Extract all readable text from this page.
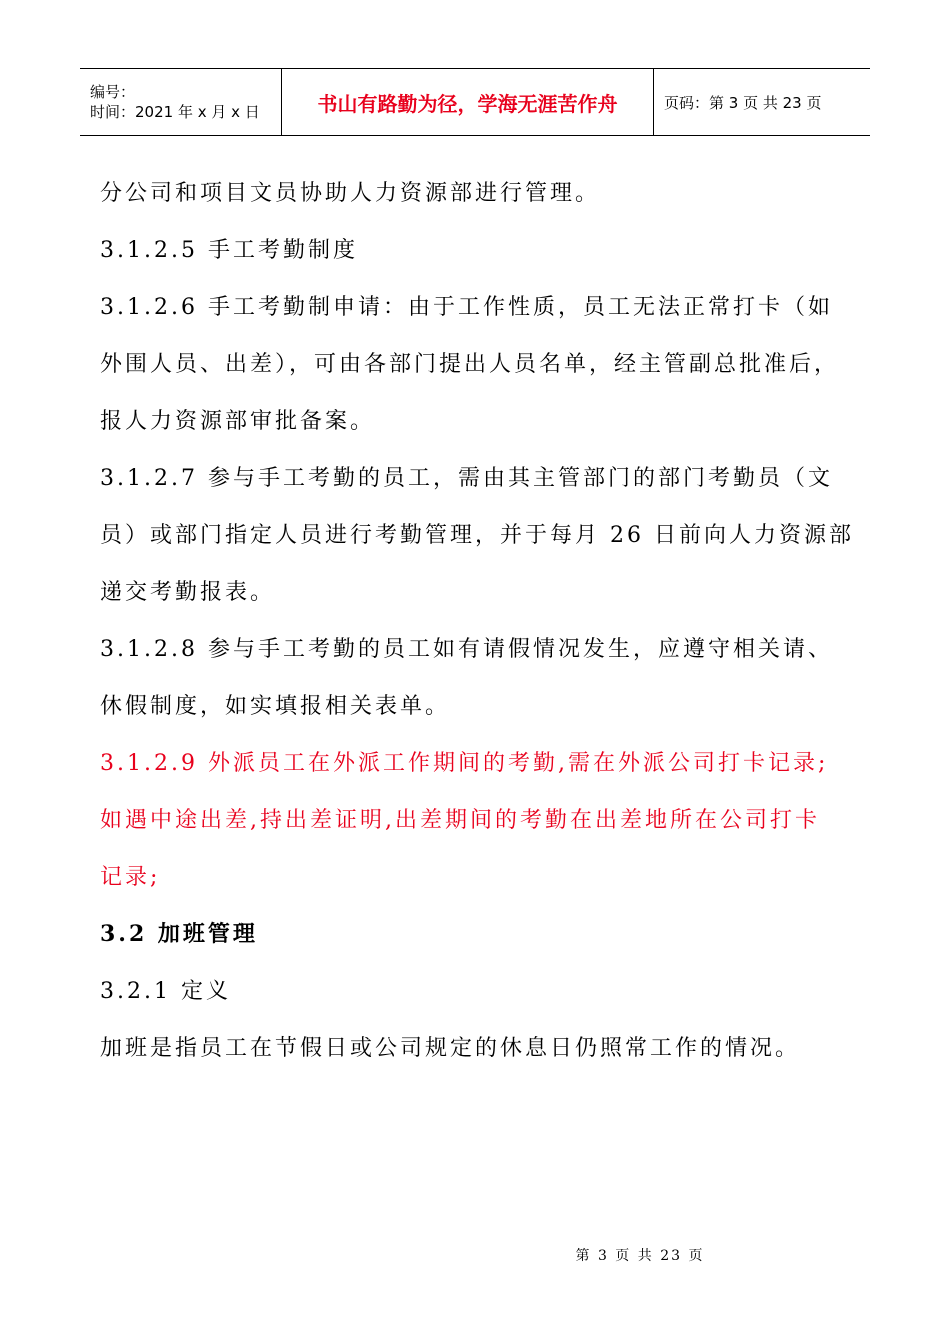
编号：
时间：2021 年 x 月 x 日	书山有路勤为径，学海无涯苦作舟	页码：第 3 页 共 23 页

分公司和项目文员协助人力资源部进行管理。

3.1.2.5 手工考勤制度

3.1.2.6 手工考勤制申请：由于工作性质，员工无法正常打卡（如
外围人员、出差），可由各部门提出人员名单，经主管副总批准后，
报人力资源部审批备案。

3.1.2.7 参与手工考勤的员工，需由其主管部门的部门考勤员（文
员）或部门指定人员进行考勤管理，并于每月 26 日前向人力资源部
递交考勤报表。

3.1.2.8 参与手工考勤的员工如有请假情况发生，应遵守相关请、
休假制度，如实填报相关表单。

3.1.2.9 外派员工在外派工作期间的考勤,需在外派公司打卡记录;
如遇中途出差,持出差证明,出差期间的考勤在出差地所在公司打卡
记录;

3.2 加班管理

3.2.1 定义

加班是指员工在节假日或公司规定的休息日仍照常工作的情况。

第 3 页 共 23 页
